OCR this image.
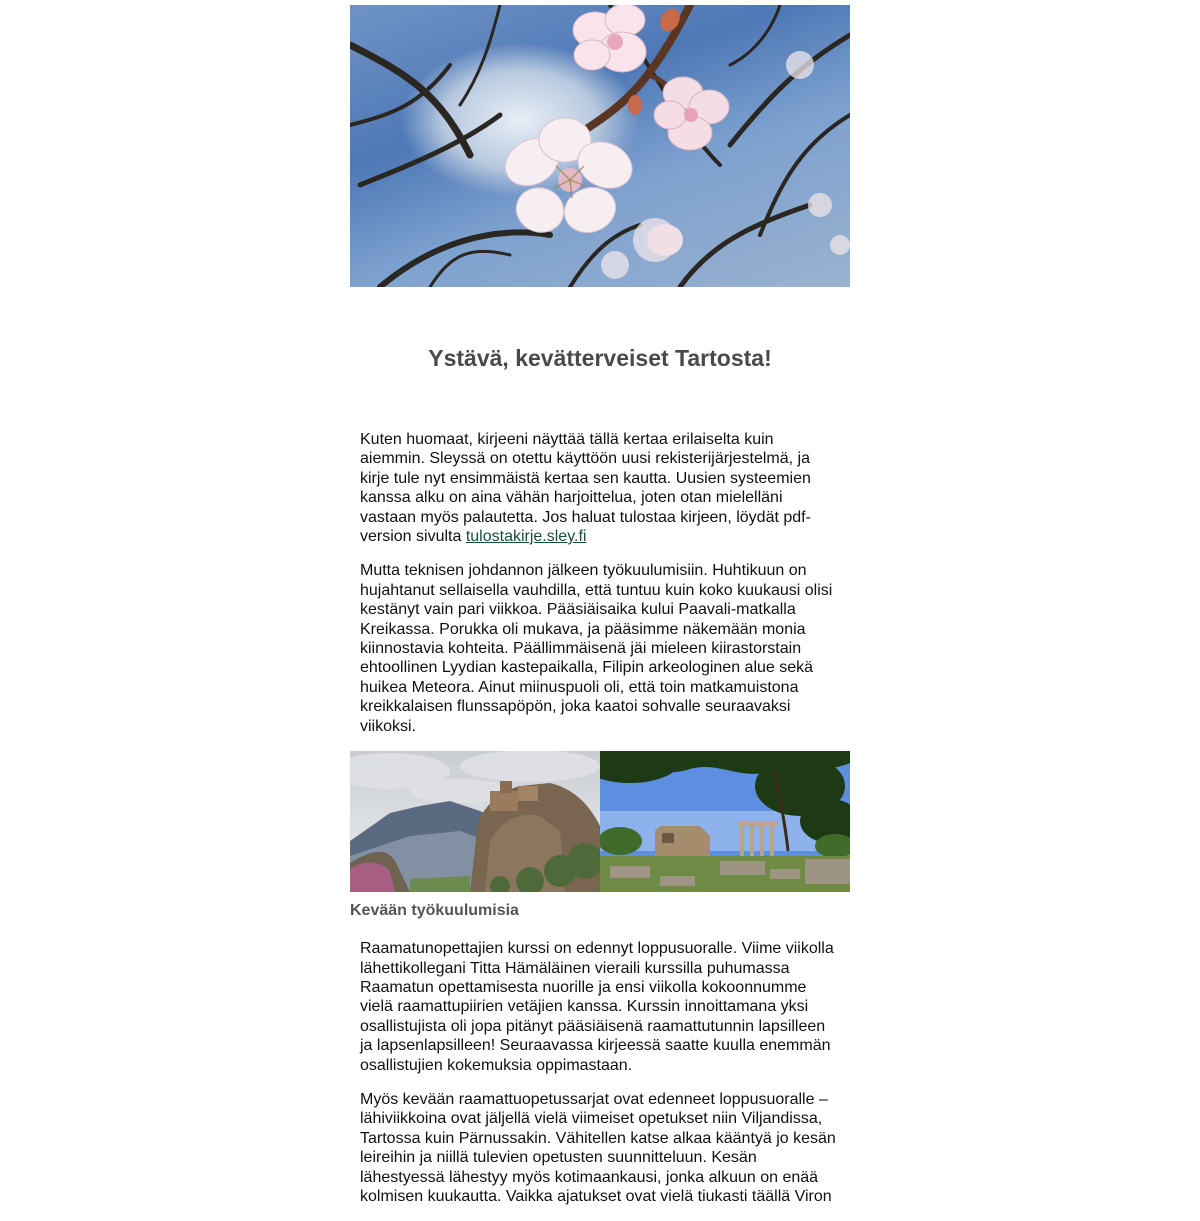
Ystävä, kevätterveiset Tartosta!

Kuten huomaat, kirjeeni näyttää tällä kertaa erilaiselta kuin aiemmin. Sleyssä on otettu käyttöön uusi rekisterijärjestelmä, ja kirje tule nyt ensimmäistä kertaa sen kautta. Uusien systeemien kanssa alku on aina vähän harjoittelua, joten otan mielelläni vastaan myös palautetta. Jos haluat tulostaa kirjeen, löydät pdf-version sivulta tulostakirje.sley.fi

Mutta teknisen johdannon jälkeen työkuulumisiin. Huhtikuun on hujahtanut sellaisella vauhdilla, että tuntuu kuin koko kuukausi olisi kestänyt vain pari viikkoa. Pääsiäisaika kului Paavali-matkalla Kreikassa. Porukka oli mukava, ja pääsimme näkemään monia kiinnostavia kohteita. Päällimmäisenä jäi mieleen kiirastorstain ehtoollinen Lyydian kastepaikalla, Filipin arkeologinen alue sekä huikea Meteora. Ainut miinuspuoli oli, että toin matkamuistona kreikkalaisen flunssapöpön, joka kaatoi sohvalle seuraavaksi viikoksi.

Kevään työkuulumisia

Raamatunopettajien kurssi on edennyt loppusuoralle. Viime viikolla lähettikollegani Titta Hämäläinen vieraili kurssilla puhumassa Raamatun opettamisesta nuorille ja ensi viikolla kokoonnumme vielä raamattupiirien vetäjien kanssa. Kurssin innoittamana yksi osallistujista oli jopa pitänyt pääsiäisenä raamattutunnin lapsilleen ja lapsenlapsilleen! Seuraavassa kirjeessä saatte kuulla enemmän osallistujien kokemuksia oppimastaan.

Myös kevään raamattuopetussarjat ovat edenneet loppusuoralle – lähiviikkoina ovat jäljellä vielä viimeiset opetukset niin Viljandissa, Tartossa kuin Pärnussakin. Vähitellen katse alkaa kääntyä jo kesän leireihin ja niillä tulevien opetusten suunnitteluun. Kesän lähestyessä lähestyy myös kotimaankausi, jonka alkuun on enää kolmisen kuukautta. Vaikka ajatukset ovat vielä tiukasti täällä Viron
